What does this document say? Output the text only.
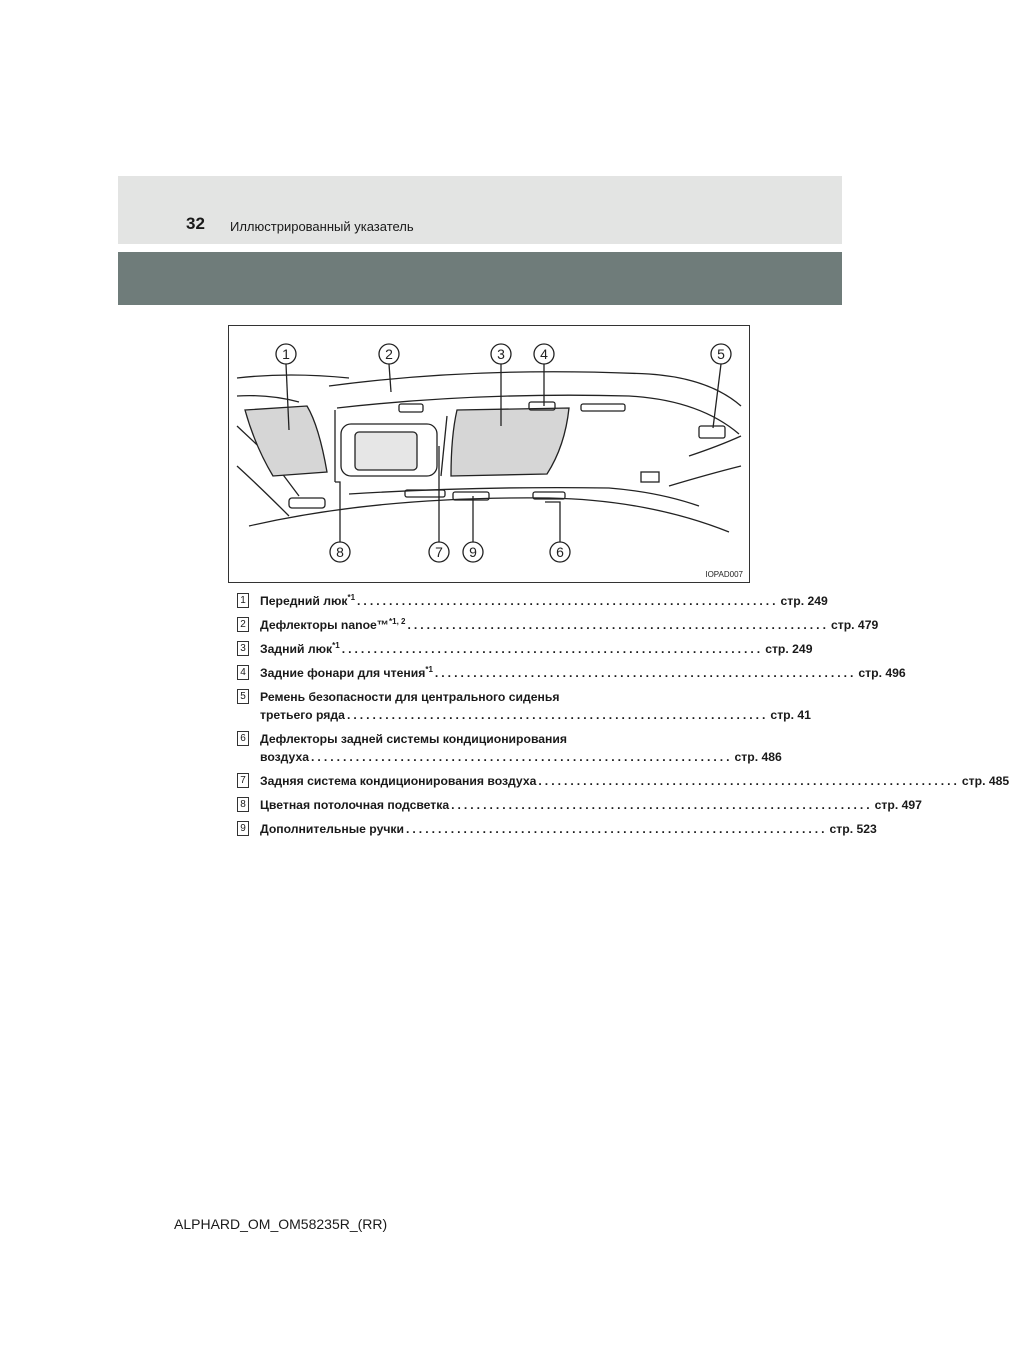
32 Иллюстрированный указатель
1	2	3	4	5
8	7 9	6
IOPAD007
1 Передний люк$^{*1}$ .................................................................. стр. 249
2 Дефлекторы nanoe™$^{*1, 2}$ .................................................................. стр. 479
3 Задний люк$^{*1}$ .................................................................. стр. 249
4 Задние фонари для чтения$^{*1}$ .................................................................. стр. 496
5 Ремень безопасности для центрального сиденья
третьего ряда .................................................................. стр. 41
6 Дефлекторы задней системы кондиционирования
воздуха .................................................................. стр. 486
7 Задняя система кондиционирования воздуха .................................................................. стр. 485
8 Цветная потолочная подсветка .................................................................. стр. 497
9 Дополнительные ручки .................................................................. стр. 523
ALPHARD_OM_OM58235R_(RR)
